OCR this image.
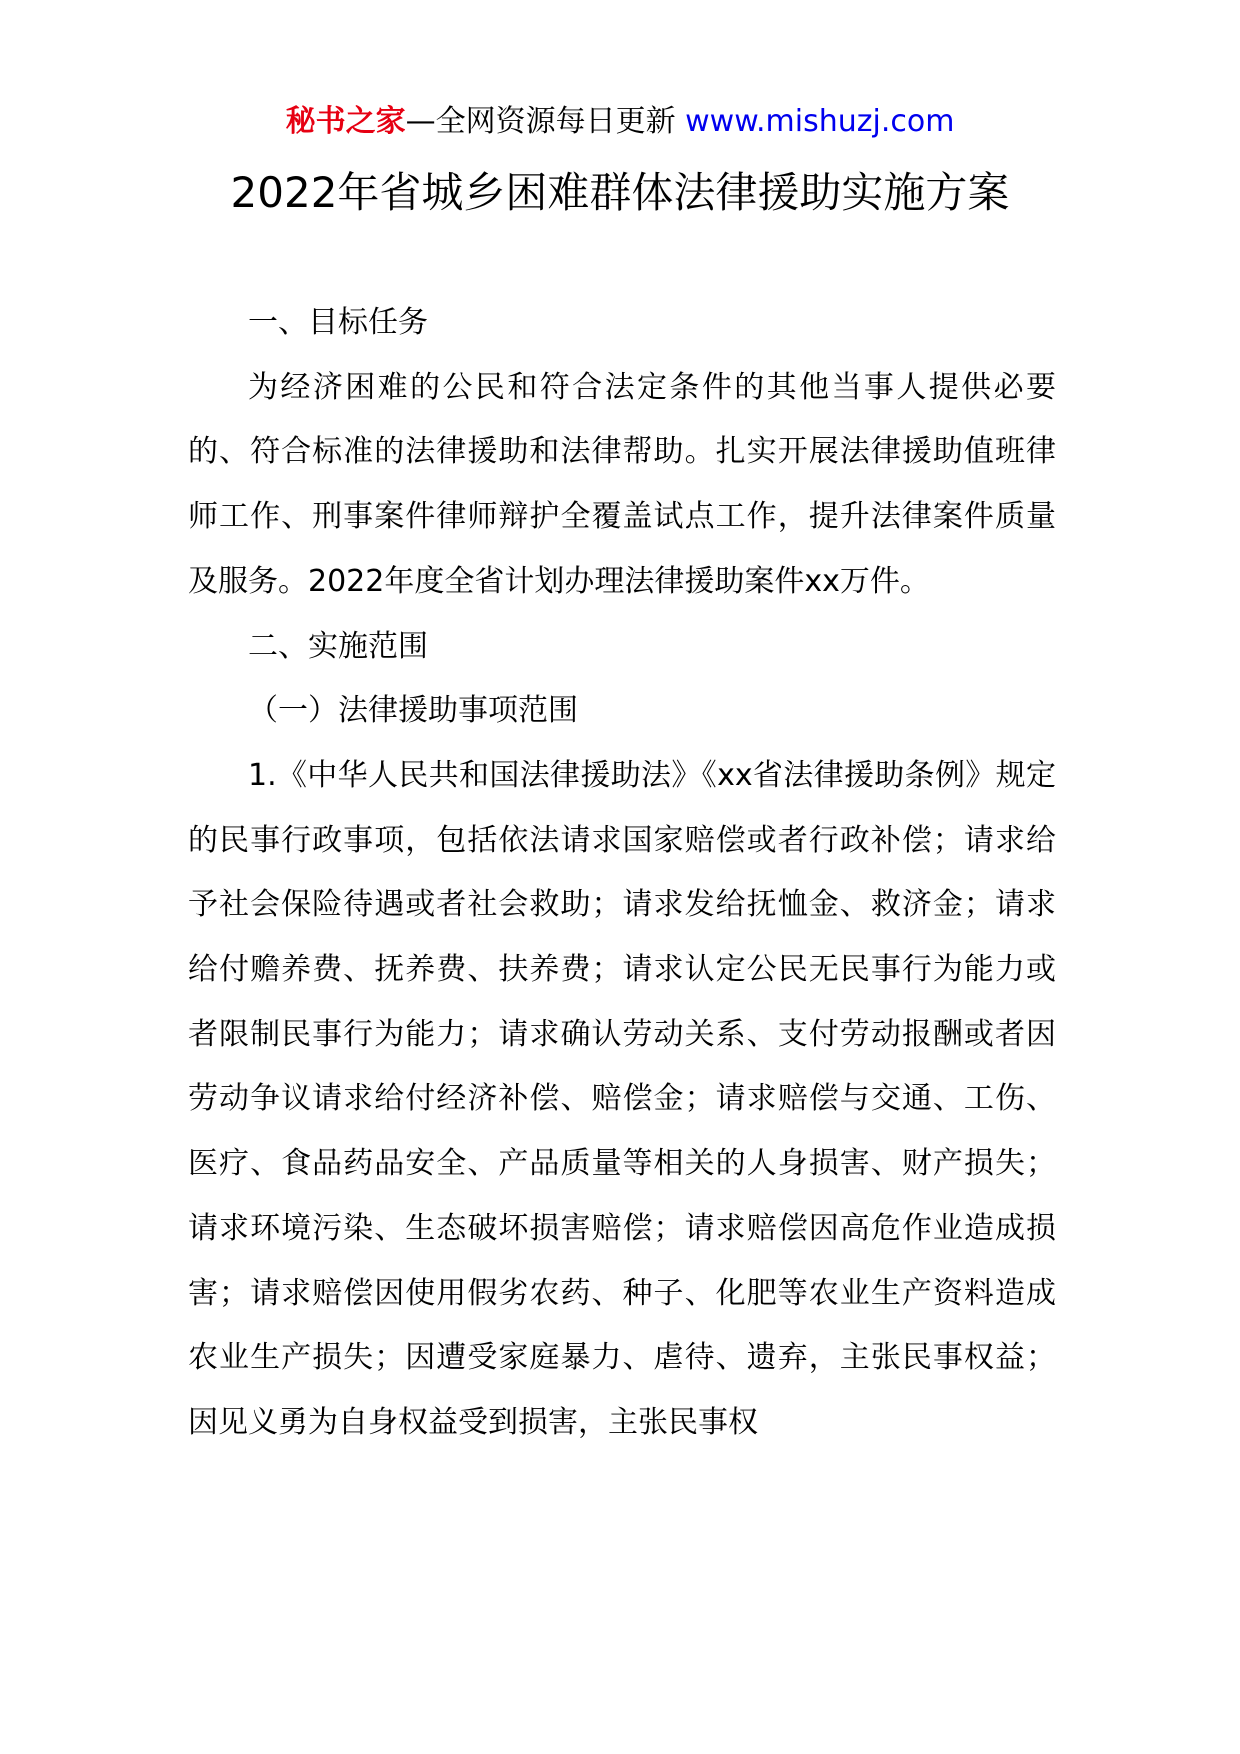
秘书之家—全网资源每日更新 www.mishuzj.com
2022年省城乡困难群体法律援助实施方案

一、目标任务

为经济困难的公民和符合法定条件的其他当事人提供必要的、符合标准的法律援助和法律帮助。扎实开展法律援助值班律师工作、刑事案件律师辩护全覆盖试点工作，提升法律案件质量及服务。2022年度全省计划办理法律援助案件xx万件。

二、实施范围

（一）法律援助事项范围

1.《中华人民共和国法律援助法》《xx省法律援助条例》规定的民事行政事项，包括依法请求国家赔偿或者行政补偿；请求给予社会保险待遇或者社会救助；请求发给抚恤金、救济金；请求给付赡养费、抚养费、扶养费；请求认定公民无民事行为能力或者限制民事行为能力；请求确认劳动关系、支付劳动报酬或者因劳动争议请求给付经济补偿、赔偿金；请求赔偿与交通、工伤、医疗、食品药品安全、产品质量等相关的人身损害、财产损失；请求环境污染、生态破坏损害赔偿；请求赔偿因高危作业造成损害；请求赔偿因使用假劣农药、种子、化肥等农业生产资料造成农业生产损失；因遭受家庭暴力、虐待、遗弃，主张民事权益；因见义勇为自身权益受到损害，主张民事权
